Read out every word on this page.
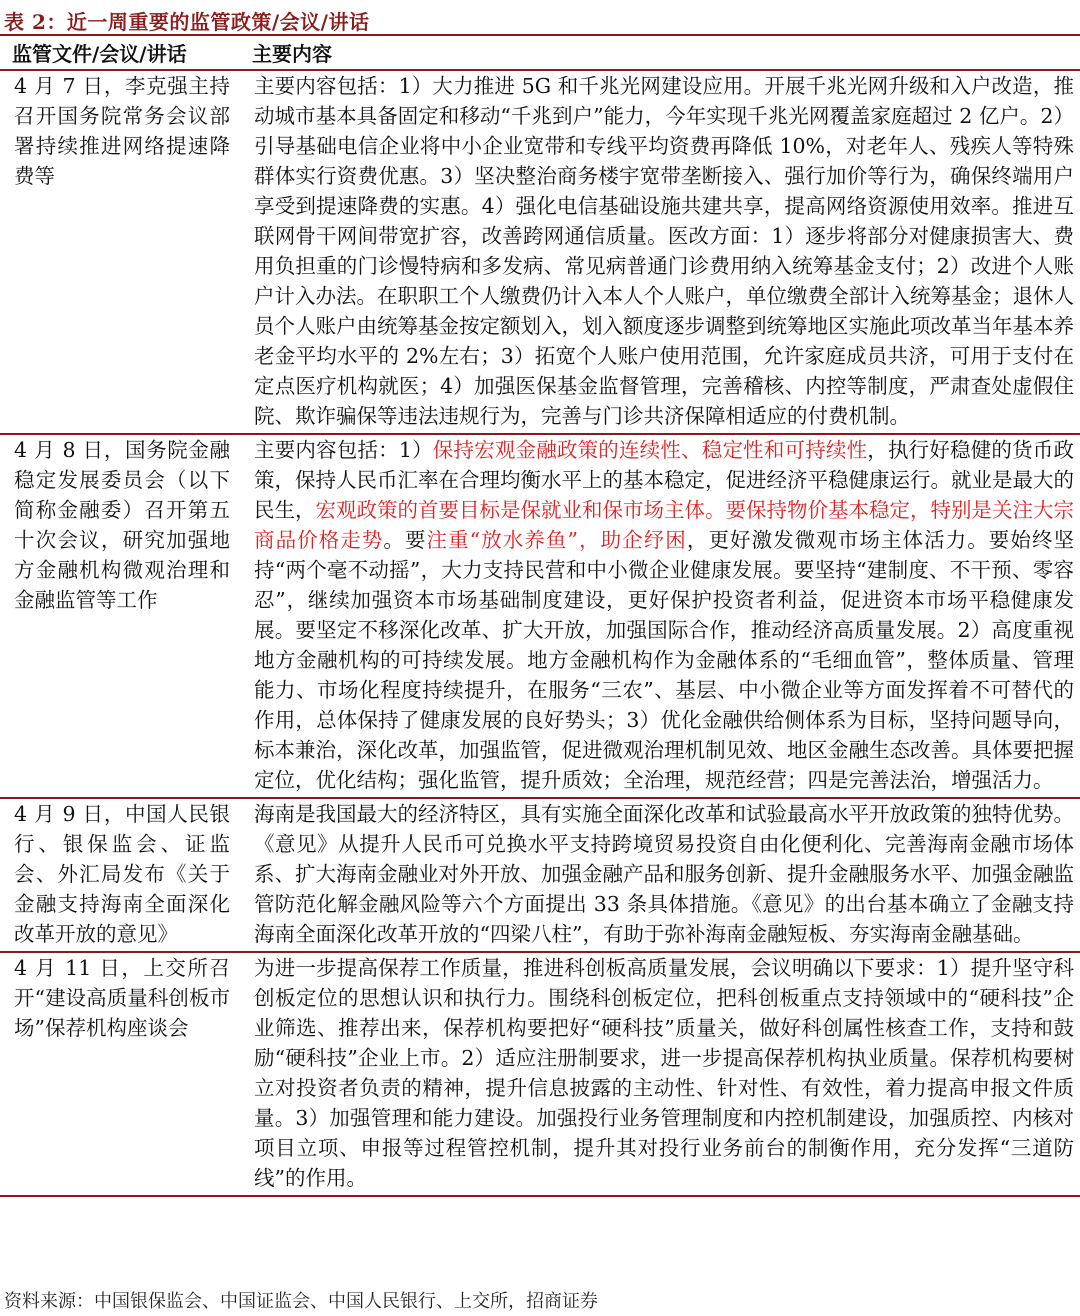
表 2：近一周重要的监管政策/会议/讲话
监管文件/会议/讲话	主要内容
4 月 7 日，李克强主持召开国务院常务会议部署持续推进网络提速降费等	主要内容包括：1）大力推进 5G 和千兆光网建设应用。开展千兆光网升级和入户改造，推动城市基本具备固定和移动“千兆到户”能力，今年实现千兆光网覆盖家庭超过 2 亿户。2）引导基础电信企业将中小企业宽带和专线平均资费再降低 10%，对老年人、残疾人等特殊群体实行资费优惠。3）坚决整治商务楼宇宽带垄断接入、强行加价等行为，确保终端用户享受到提速降费的实惠。4）强化电信基础设施共建共享，提高网络资源使用效率。推进互联网骨干网间带宽扩容，改善跨网通信质量。医改方面：1）逐步将部分对健康损害大、费用负担重的门诊慢特病和多发病、常见病普通门诊费用纳入统筹基金支付；2）改进个人账户计入办法。在职职工个人缴费仍计入本人个人账户，单位缴费全部计入统筹基金；退休人员个人账户由统筹基金按定额划入，划入额度逐步调整到统筹地区实施此项改革当年基本养老金平均水平的 2%左右；3）拓宽个人账户使用范围，允许家庭成员共济，可用于支付在定点医疗机构就医；4）加强医保基金监督管理，完善稽核、内控等制度，严肃查处虚假住院、欺诈骗保等违法违规行为，完善与门诊共济保障相适应的付费机制。
4 月 8 日，国务院金融稳定发展委员会（以下简称金融委）召开第五十次会议，研究加强地方金融机构微观治理和金融监管等工作	主要内容包括：1）保持宏观金融政策的连续性、稳定性和可持续性，执行好稳健的货币政策，保持人民币汇率在合理均衡水平上的基本稳定，促进经济平稳健康运行。就业是最大的民生，宏观政策的首要目标是保就业和保市场主体。要保持物价基本稳定，特别是关注大宗商品价格走势。要注重“放水养鱼”，助企纾困，更好激发微观市场主体活力。要始终坚持“两个毫不动摇”，大力支持民营和中小微企业健康发展。要坚持“建制度、不干预、零容忍”，继续加强资本市场基础制度建设，更好保护投资者利益，促进资本市场平稳健康发展。要坚定不移深化改革、扩大开放，加强国际合作，推动经济高质量发展。2）高度重视地方金融机构的可持续发展。地方金融机构作为金融体系的“毛细血管”，整体质量、管理能力、市场化程度持续提升，在服务“三农”、基层、中小微企业等方面发挥着不可替代的作用，总体保持了健康发展的良好势头；3）优化金融供给侧体系为目标，坚持问题导向，标本兼治，深化改革，加强监管，促进微观治理机制见效、地区金融生态改善。具体要把握定位，优化结构；强化监管，提升质效；全治理，规范经营；四是完善法治，增强活力。
4 月 9 日，中国人民银行、银保监会、证监会、外汇局发布《关于金融支持海南全面深化改革开放的意见》	海南是我国最大的经济特区，具有实施全面深化改革和试验最高水平开放政策的独特优势。《意见》从提升人民币可兑换水平支持跨境贸易投资自由化便利化、完善海南金融市场体系、扩大海南金融业对外开放、加强金融产品和服务创新、提升金融服务水平、加强金融监管防范化解金融风险等六个方面提出 33 条具体措施。《意见》的出台基本确立了金融支持海南全面深化改革开放的“四梁八柱”，有助于弥补海南金融短板、夯实海南金融基础。
4 月 11 日，上交所召开“建设高质量科创板市场”保荐机构座谈会	为进一步提高保荐工作质量，推进科创板高质量发展，会议明确以下要求：1）提升坚守科创板定位的思想认识和执行力。围绕科创板定位，把科创板重点支持领域中的“硬科技”企业筛选、推荐出来，保荐机构要把好“硬科技”质量关，做好科创属性核查工作，支持和鼓励“硬科技”企业上市。2）适应注册制要求，进一步提高保荐机构执业质量。保荐机构要树立对投资者负责的精神，提升信息披露的主动性、针对性、有效性，着力提高申报文件质量。3）加强管理和能力建设。加强投行业务管理制度和内控机制建设，加强质控、内核对项目立项、申报等过程管控机制，提升其对投行业务前台的制衡作用，充分发挥“三道防线”的作用。
资料来源：中国银保监会、中国证监会、中国人民银行、上交所，招商证券
